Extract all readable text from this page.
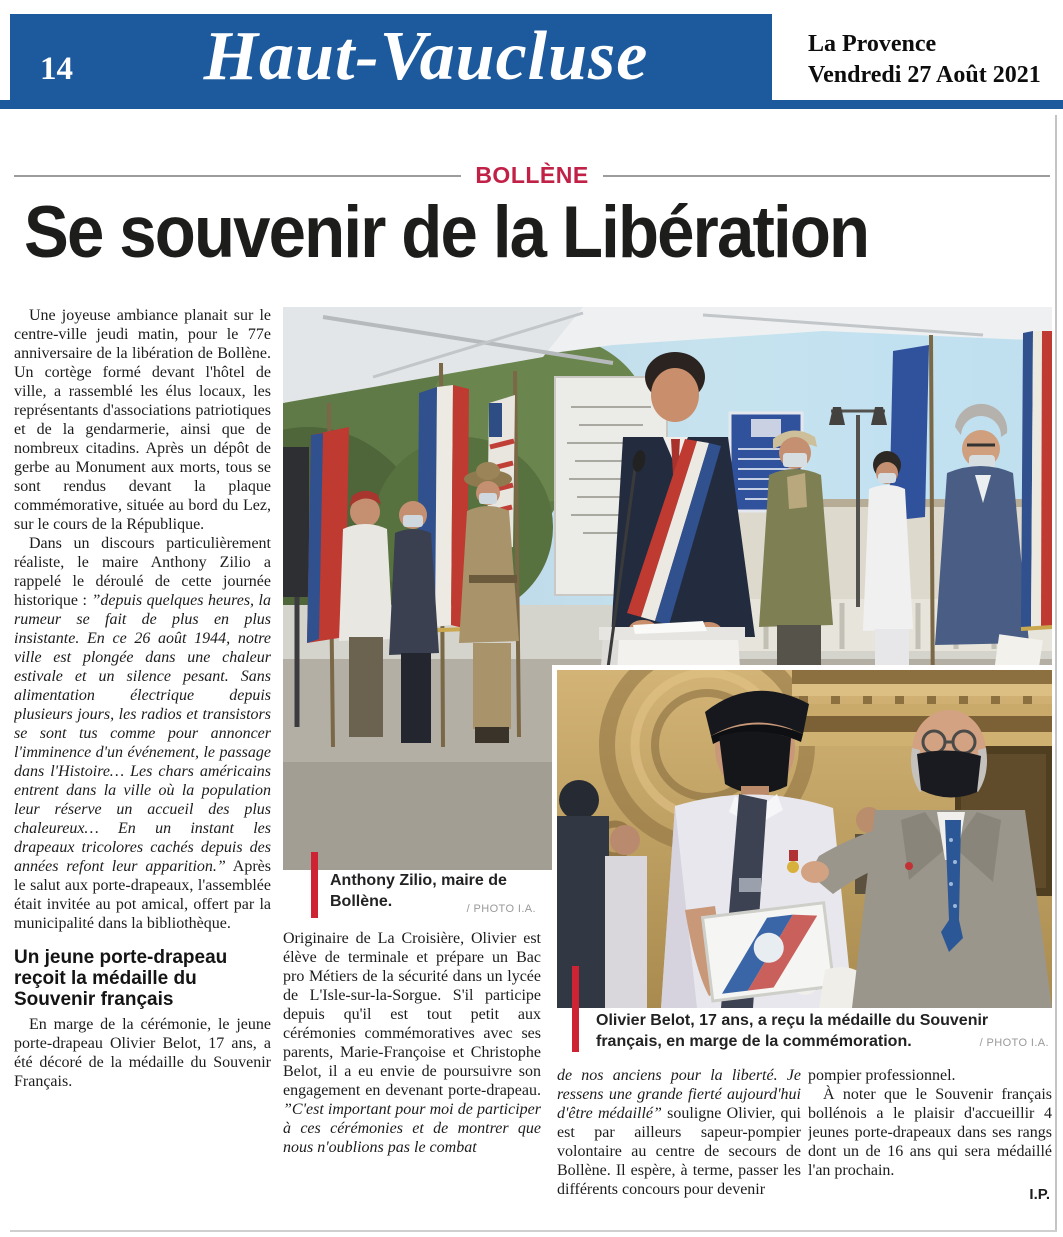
14	Haut-Vaucluse	La Provence
Vendredi 27 Août 2021
BOLLÈNE
Se souvenir de la Libération
Anthony Zilio, maire de Bollène.	/ PHOTO I.A.
Olivier Belot, 17 ans, a reçu la médaille du Souvenir français, en marge de la commémoration.	/ PHOTO I.A.

Une joyeuse ambiance planait sur le centre-ville jeudi matin, pour le 77e anniversaire de la libération de Bollène. Un cortège formé devant l'hôtel de ville, a rassemblé les élus locaux, les représentants d'associations patriotiques et de la gendarmerie, ainsi que de nombreux citadins. Après un dépôt de gerbe au Monument aux morts, tous se sont rendus devant la plaque commémorative, située au bord du Lez, sur le cours de la République.

Dans un discours particulièrement réaliste, le maire Anthony Zilio a rappelé le déroulé de cette journée historique : ”depuis quelques heures, la rumeur se fait de plus en plus insistante. En ce 26 août 1944, notre ville est plongée dans une chaleur estivale et un silence pesant. Sans alimentation électrique depuis plusieurs jours, les radios et transistors se sont tus comme pour annoncer l'imminence d'un événement, le passage dans l'Histoire… Les chars américains entrent dans la ville où la population leur réserve un accueil des plus chaleureux… En un instant les drapeaux tricolores cachés depuis des années refont leur apparition.” Après le salut aux porte-drapeaux, l'assemblée était invitée au pot amical, offert par la municipalité dans la bibliothèque.

Un jeune porte-drapeau reçoit la médaille du Souvenir français

En marge de la cérémonie, le jeune porte-drapeau Olivier Belot, 17 ans, a été décoré de la médaille du Souvenir Français.

Originaire de La Croisière, Olivier est élève de terminale et prépare un Bac pro Métiers de la sécurité dans un lycée de L'Isle-sur-la-Sorgue. S'il participe depuis qu'il est tout petit aux cérémonies commémoratives avec ses parents, Marie-Françoise et Christophe Belot, il a eu envie de poursuivre son engagement en devenant porte-drapeau. ”C'est important pour moi de participer à ces cérémonies et de montrer que nous n'oublions pas le combat

de nos anciens pour la liberté. Je ressens une grande fierté aujourd'hui d'être médaillé” souligne Olivier, qui est par ailleurs sapeur-pompier volontaire au centre de secours de Bollène. Il espère, à terme, passer les différents concours pour devenir

pompier professionnel.

À noter que le Souvenir français bollénois a le plaisir d'accueillir 4 jeunes porte-drapeaux dans ses rangs dont un de 16 ans qui sera médaillé l'an prochain.

I.P.
